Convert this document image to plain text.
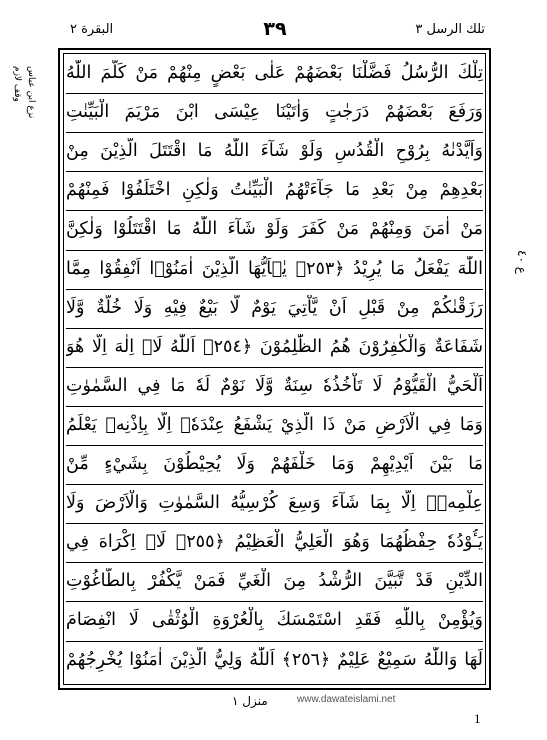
تلك الرسل ٣
٣٩
البقرة ٢
وقف لازم نزع ابن عباس
ع ٤٠
تِلْكَ الرُّسُلُ فَضَّلْنَا بَعْضَهُمْ عَلٰى بَعْضٍ مِنْهُمْ مَنْ كَلَّمَ اللّٰهُ
وَرَفَعَ بَعْضَهُمْ دَرَجٰتٍ وَاٰتَيْنَا عِيْسَى ابْنَ مَرْيَمَ الْبَيِّنٰتِ
وَاَيَّدْنٰهُ بِرُوْحِ الْقُدُسِ وَلَوْ شَآءَ اللّٰهُ مَا اقْتَتَلَ الَّذِيْنَ مِنْ
بَعْدِهِمْ مِنْ بَعْدِ مَا جَآءَتْهُمُ الْبَيِّنٰتُ وَلٰكِنِ اخْتَلَفُوْا فَمِنْهُمْ
مَنْ اٰمَنَ وَمِنْهُمْ مَنْ كَفَرَ وَلَوْ شَآءَ اللّٰهُ مَا اقْتَتَلُوْا وَلٰكِنَّ
اللّٰهَ يَفْعَلُ مَا يُرِيْدُ ﴿٢٥٣﴾ يٰۤاَيُّهَا الَّذِيْنَ اٰمَنُوْۤا اَنْفِقُوْا مِمَّا
رَزَقْنٰكُمْ مِنْ قَبْلِ اَنْ يَّاْتِيَ يَوْمٌ لَّا بَيْعٌ فِيْهِ وَلَا خُلَّةٌ وَّلَا
شَفَاعَةٌ وَالْكٰفِرُوْنَ هُمُ الظّٰلِمُوْنَ ﴿٢٥٤﴾ اَللّٰهُ لَاۤ اِلٰهَ اِلَّا هُوَ
اَلْحَيُّ الْقَيُّوْمُ لَا تَاْخُذُهٗ سِنَةٌ وَّلَا نَوْمٌ لَهٗ مَا فِي السَّمٰوٰتِ
وَمَا فِي الْاَرْضِ مَنْ ذَا الَّذِيْ يَشْفَعُ عِنْدَهٗۤ اِلَّا بِاِذْنِهٖ يَعْلَمُ
مَا بَيْنَ اَيْدِيْهِمْ وَمَا خَلْفَهُمْ وَلَا يُحِيْطُوْنَ بِشَيْءٍ مِّنْ
عِلْمِهٖۤ اِلَّا بِمَا شَآءَ وَسِعَ كُرْسِيُّهُ السَّمٰوٰتِ وَالْاَرْضَ وَلَا
يَـُٔوْدُهٗ حِفْظُهُمَا وَهُوَ الْعَلِيُّ الْعَظِيْمُ ﴿٢٥٥﴾ لَاۤ اِكْرَاهَ فِي
الدِّيْنِ قَدْ تَّبَيَّنَ الرُّشْدُ مِنَ الْغَيِّ فَمَنْ يَّكْفُرْ بِالطَّاغُوْتِ
وَيُؤْمِنْ بِاللّٰهِ فَقَدِ اسْتَمْسَكَ بِالْعُرْوَةِ الْوُثْقٰى لَا انْفِصَامَ
لَهَا وَاللّٰهُ سَمِيْعٌ عَلِيْمٌ ﴿٢٥٦﴾ اَللّٰهُ وَلِيُّ الَّذِيْنَ اٰمَنُوْا يُخْرِجُهُمْ
منزل ١	www.dawateislami.net
1
